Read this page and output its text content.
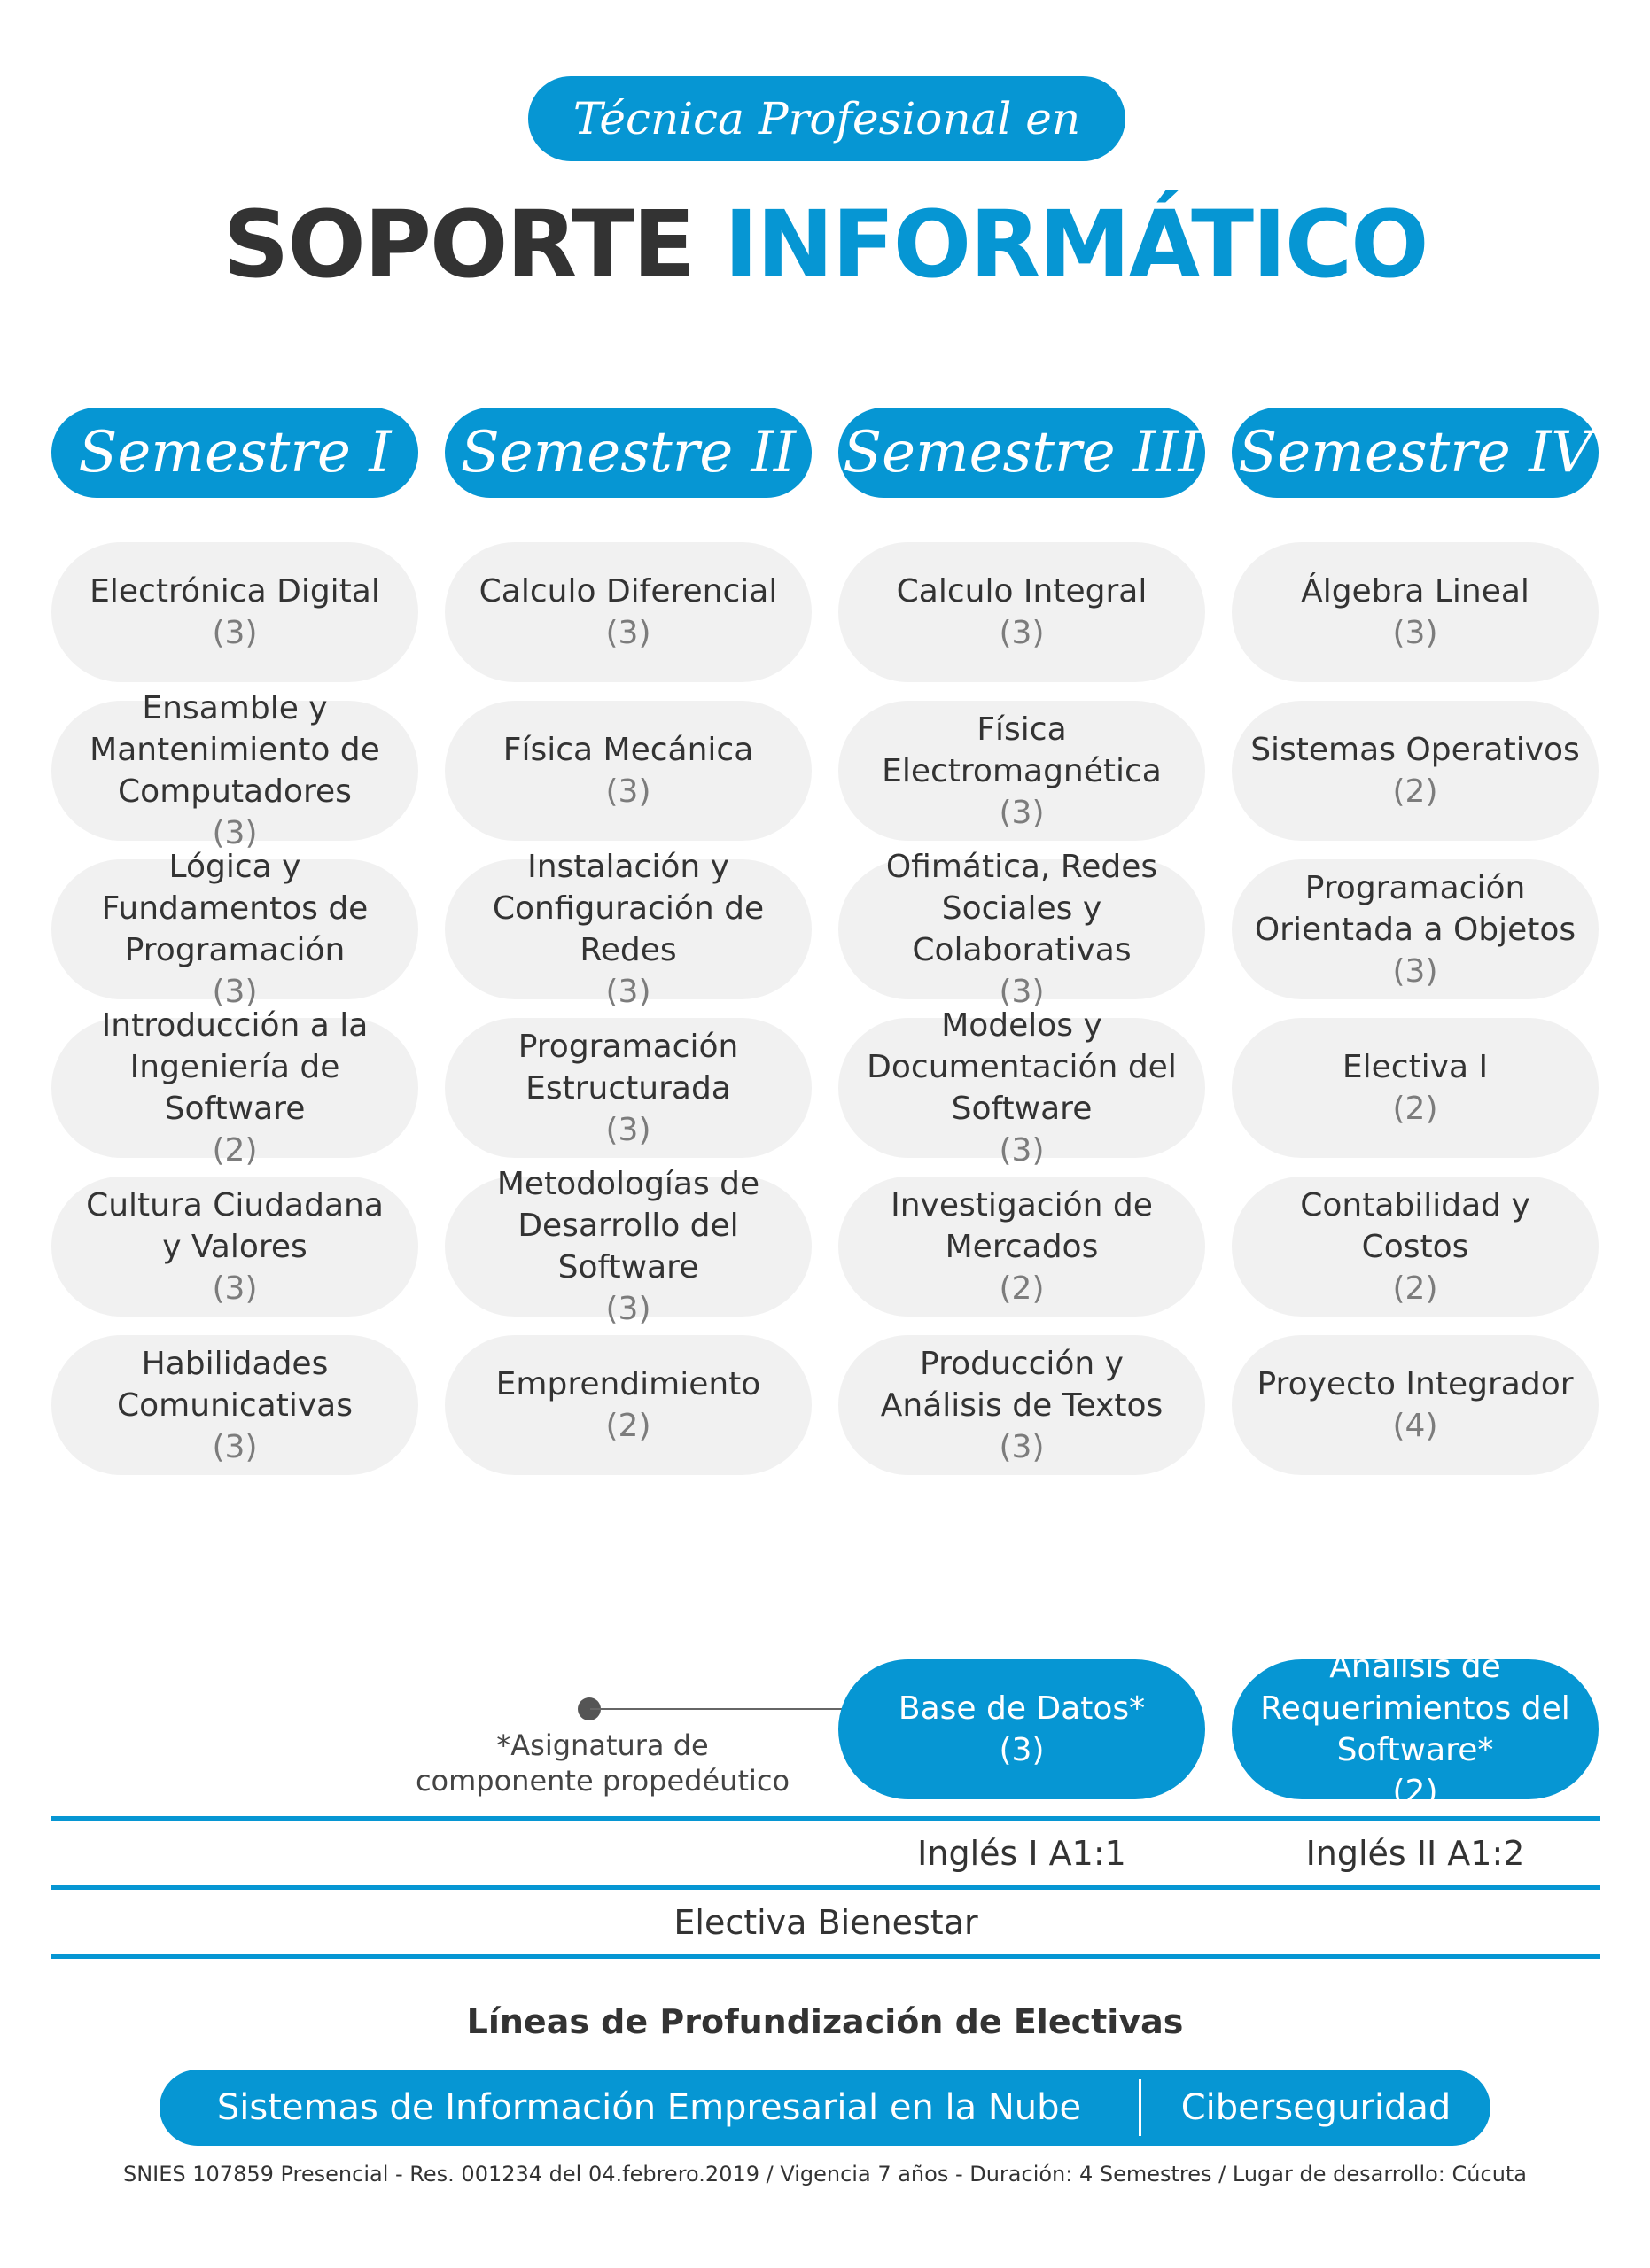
Técnica Profesional en
SOPORTE INFORMÁTICO
Semestre I Semestre II Semestre III Semestre IV
Electrónica Digital
(3)
Ensamble y
Mantenimiento de
Computadores
(3)
Lógica y
Fundamentos de
Programación
(3)
Introducción a la
Ingeniería de Software
(2)
Cultura Ciudadana
y Valores
(3)
Habilidades
Comunicativas
(3)
Calculo Diferencial
(3)
Física Mecánica
(3)
Instalación y
Configuración de Redes
(3)
Programación
Estructurada
(3)
Metodologías de
Desarrollo del
Software
(3)
Emprendimiento
(2)
Calculo Integral
(3)
Física
Electromagnética
(3)
Ofimática, Redes
Sociales y
Colaborativas
(3)
Modelos y
Documentación del
Software
(3)
Investigación de
Mercados
(2)
Producción y
Análisis de Textos
(3)
Álgebra Lineal
(3)
Sistemas Operativos
(2)
Programación
Orientada a Objetos
(3)
Electiva I
(2)
Contabilidad y
Costos
(2)
Proyecto Integrador
(4)
*Asignatura de
componente propedéutico
Base de Datos*
(3)
Análisis de
Requerimientos del
Software*
(2)
Inglés I A1:1	Inglés II A1:2
Electiva Bienestar
Líneas de Profundización de Electivas
Sistemas de Información Empresarial en la Nube	Ciberseguridad
SNIES 107859 Presencial - Res. 001234 del 04.febrero.2019 / Vigencia 7 años - Duración: 4 Semestres / Lugar de desarrollo: Cúcuta
